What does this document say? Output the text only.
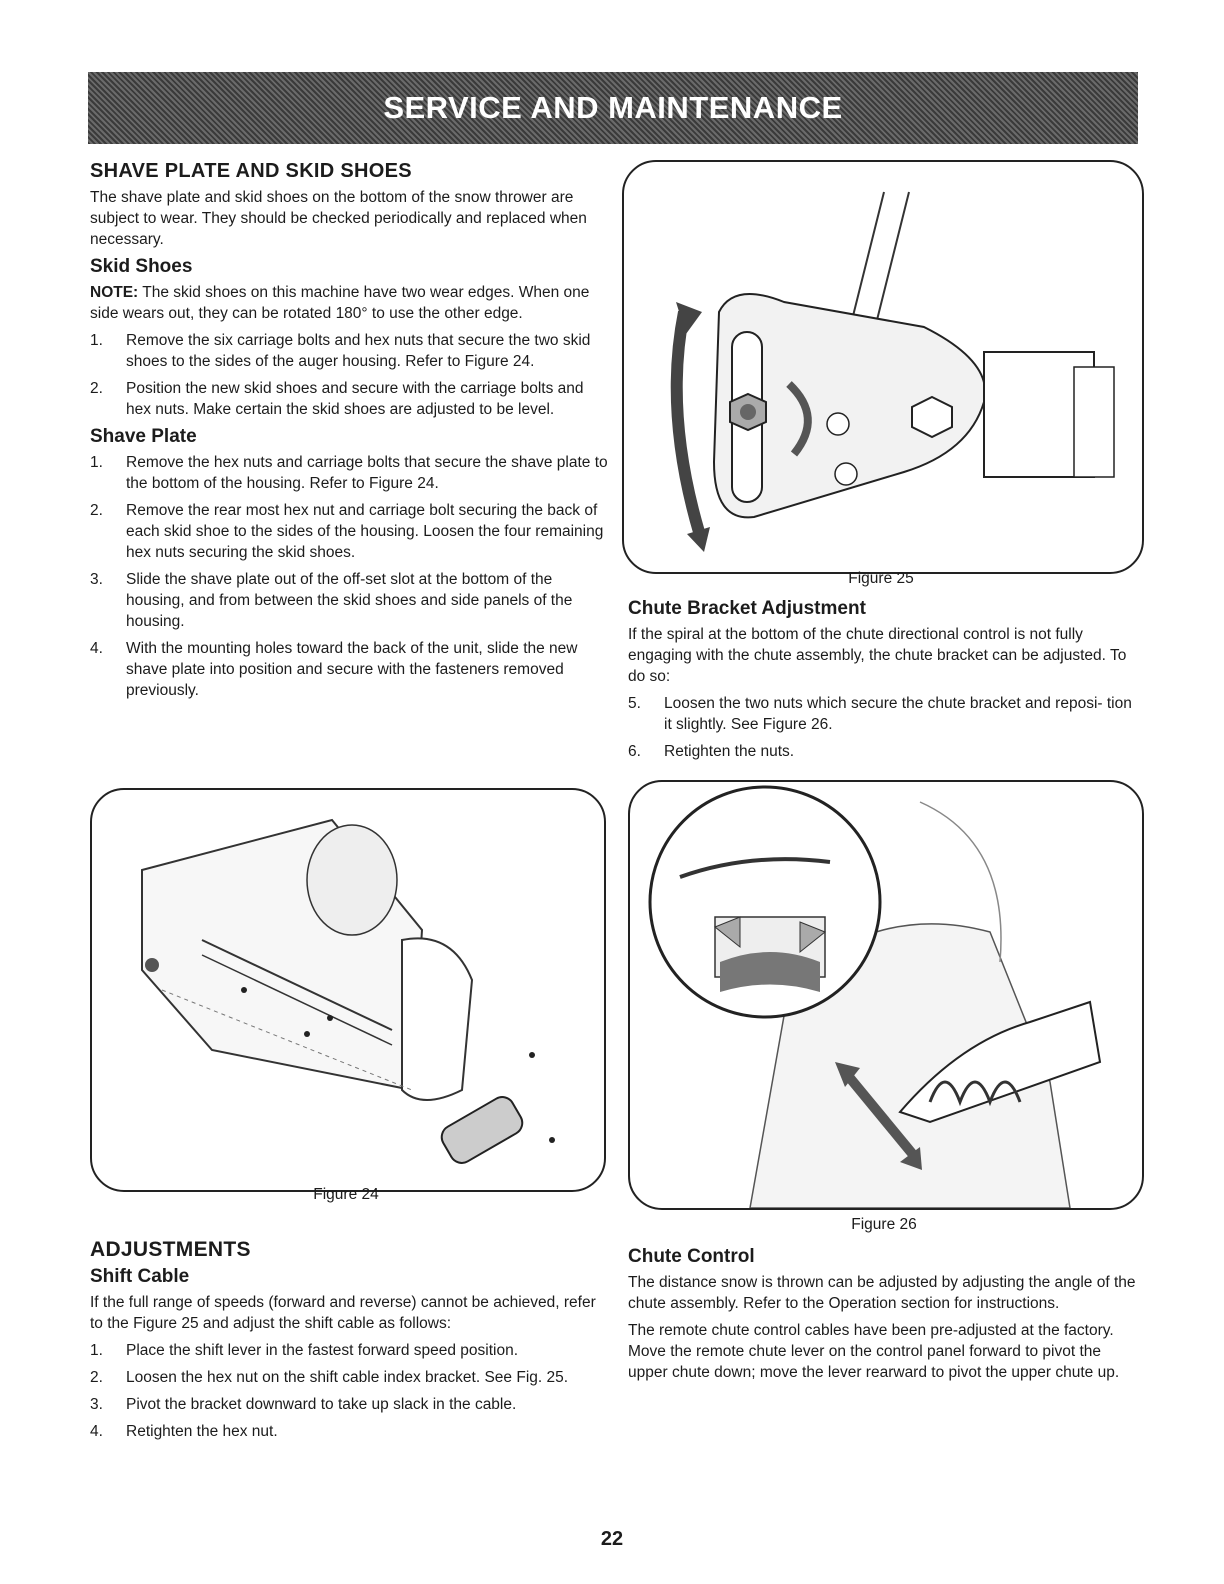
SERVICE AND MAINTENANCE
SHAVE PLATE AND SKID SHOES

The shave plate and skid shoes on the bottom of the snow thrower are subject to wear. They should be checked periodically and replaced when necessary.

Skid Shoes

NOTE: The skid shoes on this machine have two wear edges. When one side wears out, they can be rotated 180° to use the other edge.

1. Remove the six carriage bolts and hex nuts that secure the two skid shoes to the sides of the auger housing. Refer to Figure 24.
2. Position the new skid shoes and secure with the carriage bolts and hex nuts. Make certain the skid shoes are adjusted to be level.
Shave Plate
1. Remove the hex nuts and carriage bolts that secure the shave plate to the bottom of the housing. Refer to Figure 24.
2. Remove the rear most hex nut and carriage bolt securing the back of each skid shoe to the sides of the housing. Loosen the four remaining hex nuts securing the skid shoes.
3. Slide the shave plate out of the off-set slot at the bottom of the housing, and from between the skid shoes and side panels of the housing.
4. With the mounting holes toward the back of the unit, slide the new shave plate into position and secure with the fasteners removed previously.
Figure 25
Chute Bracket Adjustment

If the spiral at the bottom of the chute directional control is not fully engaging with the chute assembly, the chute bracket can be adjusted. To do so:

5. Loosen the two nuts which secure the chute bracket and reposi- tion it slightly. See Figure 26.
6. Retighten the nuts.
Figure 24
Figure 26
ADJUSTMENTS
Shift Cable

If the full range of speeds (forward and reverse) cannot be achieved, refer to the Figure 25 and adjust the shift cable as follows:

1. Place the shift lever in the fastest forward speed position.
2. Loosen the hex nut on the shift cable index bracket. See Fig. 25.
3. Pivot the bracket downward to take up slack in the cable.
4. Retighten the hex nut.
Chute Control

The distance snow is thrown can be adjusted by adjusting the angle of the chute assembly. Refer to the Operation section for instructions.

The remote chute control cables have been pre-adjusted at the factory. Move the remote chute lever on the control panel forward to pivot the upper chute down; move the lever rearward to pivot the upper chute up.

22
